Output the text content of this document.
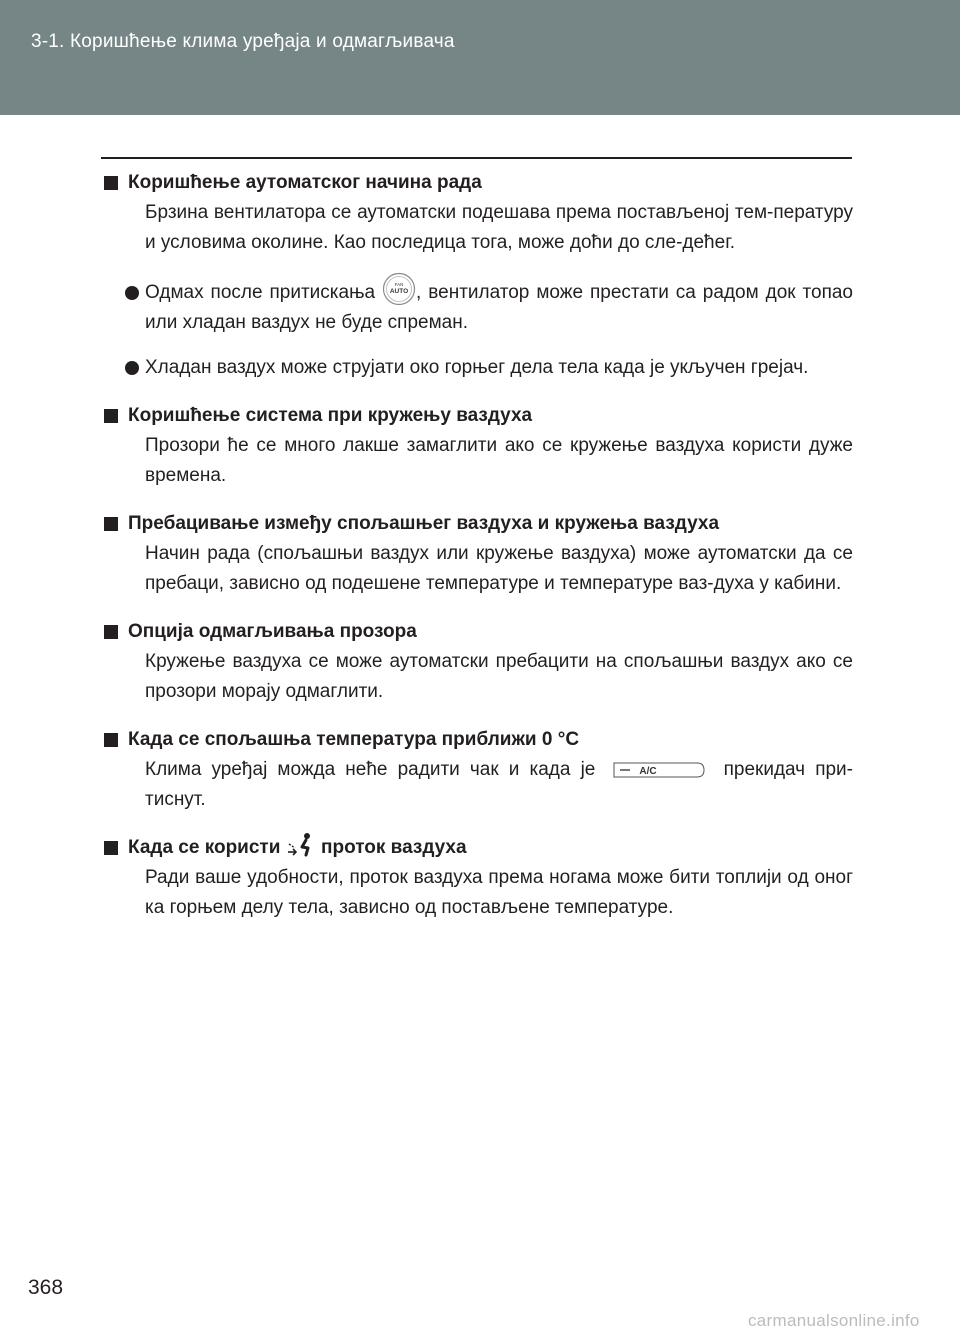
3-1. Коришћење клима уређаја и одмагљивача
Коришћење аутоматског начина рада
Брзина вентилатора се аутоматски подешава према постављеној тем-пературу и условима околине. Као последица тога, може доћи до сле-дећег.
Одмах после притискања	FAN
AUTO , вентилатор може престати са радом док топао или хладан ваздух не буде спреман.
Хладан ваздух може струјати око горњег дела тела када је укључен грејач.
Коришћење система при кружењу ваздуха
Прозори ће се много лакше замаглити ако се кружење ваздуха користи дуже времена.
Пребацивање између спољашњег ваздуха и кружења ваздуха
Начин рада (спољашњи ваздух или кружење ваздуха) може аутоматски да се пребаци, зависно од подешене температуре и температуре ваз-духа у кабини.
Опција одмагљивања прозора
Кружење ваздуха се може аутоматски пребацити на спољашњи ваздух ако се прозори морају одмаглити.
Када се спољашња температура приближи 0 °C
Клима уређај можда неће радити чак и када је	A/C	прекидач при-тиснут.
Када се користи  проток ваздуха
Ради ваше удобности, проток ваздуха према ногама може бити топлији од оног ка горњем делу тела, зависно од постављене температуре.
368
carmanualsonline.info
